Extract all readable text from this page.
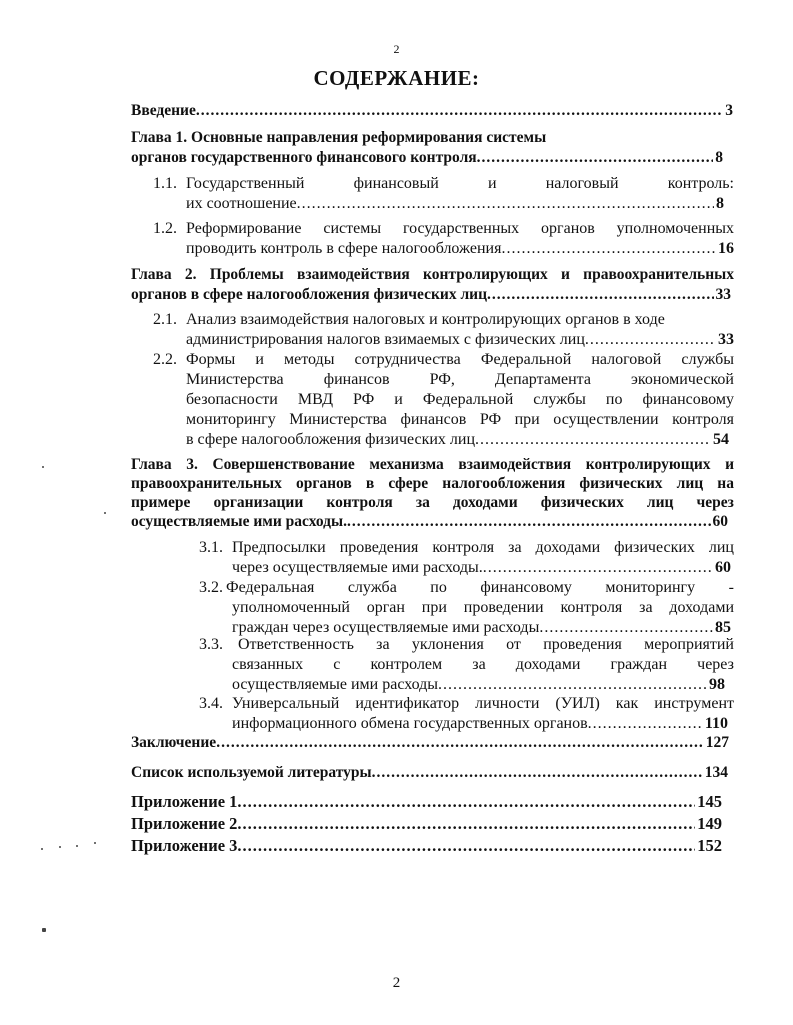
2
СОДЕРЖАНИЕ:
Введение .....	3
Глава 1. Основные направления реформирования системы
органов государственного финансового контроля .....	8
1.1. Государственный	финансовый	и	налоговый	контроль:
их соотношение .....	8
1.2. Реформирование системы государственных органов уполномоченных
проводить контроль в сфере налогообложения .....	16
Глава 2. Проблемы взаимодействия контролирующих и правоохранительных
органов в сфере налогообложения физических лиц .....	33
2.1. Анализ взаимодействия налоговых и контролирующих органов в ходе
администрирования налогов взимаемых с физических лиц .....	33
2.2. Формы и методы сотрудничества Федеральной налоговой службы
Министерства	финансов	РФ,	Департамента	экономической
безопасности МВД РФ и Федеральной службы по финансовому
мониторингу Министерства финансов РФ при осуществлении контроля
в сфере налогообложения физических лиц .....	54
Глава 3. Совершенствование механизма взаимодействия контролирующих и
правоохранительных органов в сфере налогообложения физических лиц на
примере организации контроля за доходами физических лиц через
осуществляемые ими расходы. .....	60
3.1. Предпосылки проведения контроля за доходами физических лиц
через осуществляемые ими расходы. .....	60
3.2. Федеральная служба по финансовому мониторингу -
уполномоченный орган при проведении контроля за доходами
граждан через осуществляемые ими расходы .....	85
3.3. Ответственность за уклонения от проведения мероприятий
связанных с контролем за доходами граждан через
осуществляемые ими расходы .....	98
3.4. Универсальный идентификатор личности (УИЛ) как инструмент
информационного обмена государственных органов .....	110
Заключение .....	127
Список используемой литературы .....	134
Приложение 1 .....	145
Приложение 2 .....	149
Приложение 3 .....	152
2
